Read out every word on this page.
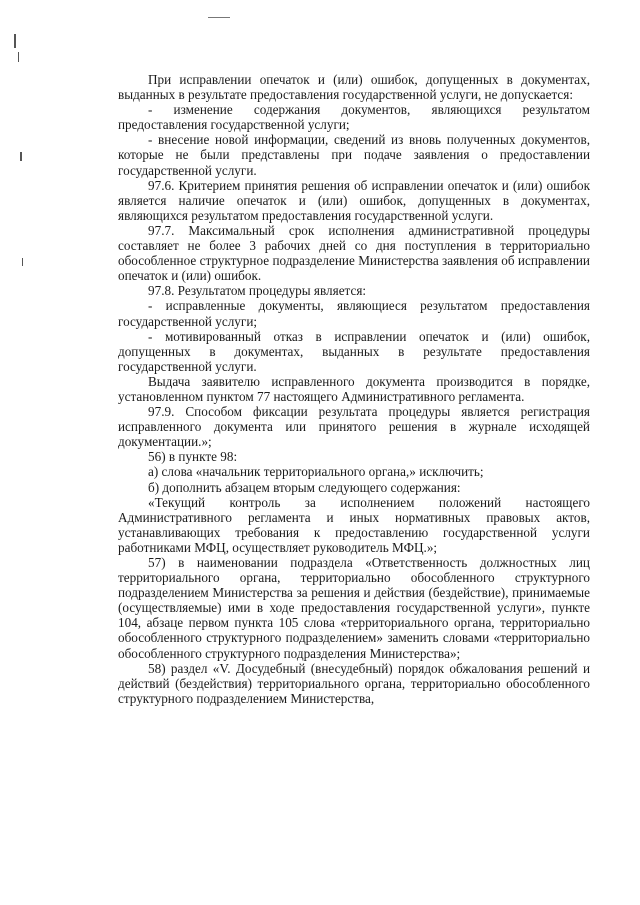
При исправлении опечаток и (или) ошибок, допущенных в документах, выданных в результате предоставления государственной услуги, не допускается:

- изменение содержания документов, являющихся результатом предоставления государственной услуги;

- внесение новой информации, сведений из вновь полученных документов, которые не были представлены при подаче заявления о предоставлении государственной услуги.

97.6. Критерием принятия решения об исправлении опечаток и (или) ошибок является наличие опечаток и (или) ошибок, допущенных в документах, являющихся результатом предоставления государственной услуги.

97.7. Максимальный срок исполнения административной процедуры составляет не более 3 рабочих дней со дня поступления в территориально обособленное структурное подразделение Министерства заявления об исправлении опечаток и (или) ошибок.

97.8. Результатом процедуры является:

- исправленные документы, являющиеся результатом предоставления государственной услуги;

- мотивированный отказ в исправлении опечаток и (или) ошибок, допущенных в документах, выданных в результате предоставления государственной услуги.

Выдача заявителю исправленного документа производится в порядке, установленном пунктом 77 настоящего Административного регламента.

97.9. Способом фиксации результата процедуры является регистрация исправленного документа или принятого решения в журнале исходящей документации.»;

56) в пункте 98:

а) слова «начальник территориального органа,» исключить;

б) дополнить абзацем вторым следующего содержания:

«Текущий контроль за исполнением положений настоящего Административного регламента и иных нормативных правовых актов, устанавливающих требования к предоставлению государственной услуги работниками МФЦ, осуществляет руководитель МФЦ.»;

57) в наименовании подраздела «Ответственность должностных лиц территориального органа, территориально обособленного структурного подразделением Министерства за решения и действия (бездействие), принимаемые (осуществляемые) ими в ходе предоставления государственной услуги», пункте 104, абзаце первом пункта 105 слова «территориального органа, территориально обособленного структурного подразделением» заменить словами «территориально обособленного структурного подразделения Министерства»;

58) раздел «V. Досудебный (внесудебный) порядок обжалования решений и действий (бездействия) территориального органа, территориально обособленного структурного подразделением Министерства,
